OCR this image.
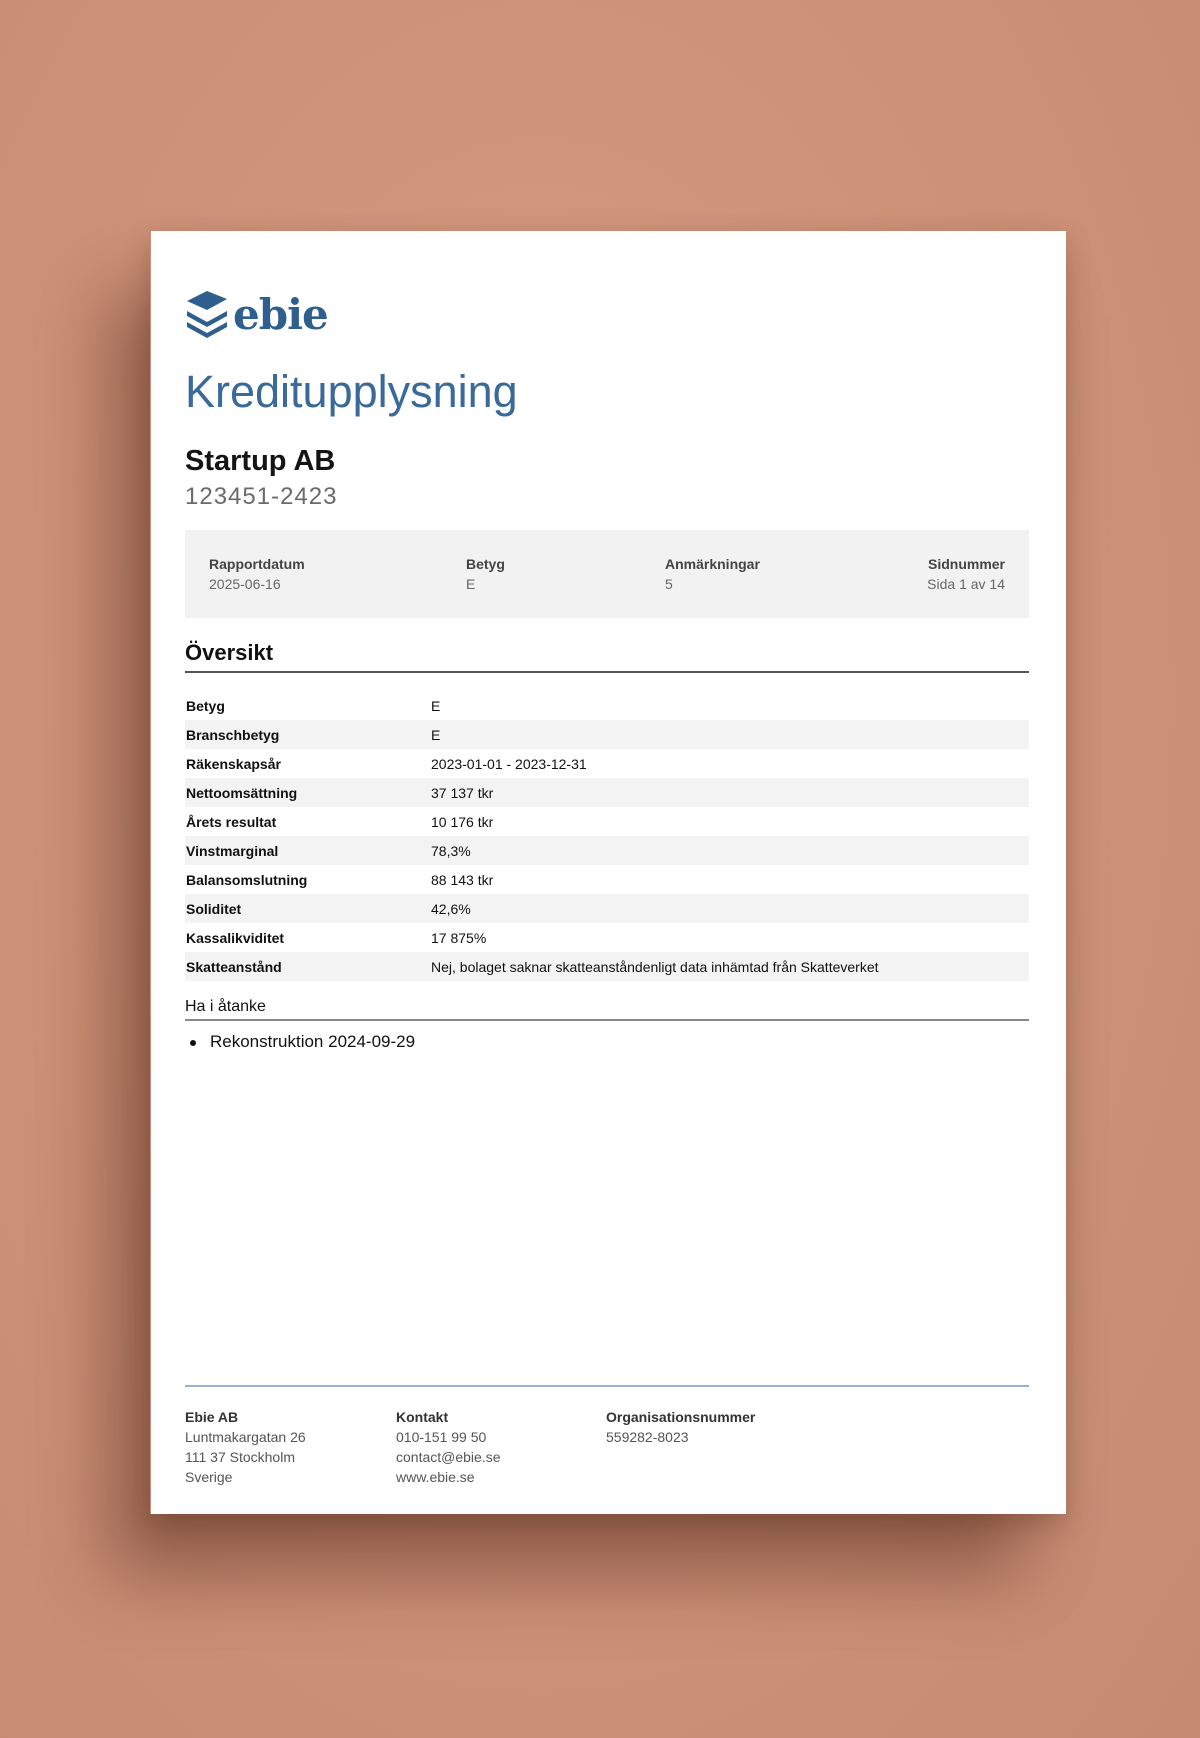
ebie
Kreditupplysning
Startup AB
123451-2423
Rapportdatum
2025-06-16
Betyg
E
Anmärkningar
5
Sidnummer
Sida 1 av 14
Översikt
Betyg	E
Branschbetyg	E
Räkenskapsår	2023-01-01 - 2023-12-31
Nettoomsättning	37 137 tkr
Årets resultat	10 176 tkr
Vinstmarginal	78,3%
Balansomslutning	88 143 tkr
Soliditet	42,6%
Kassalikviditet	17 875%
Skatteanstånd	Nej, bolaget saknar skatteanståndenligt data inhämtad från Skatteverket
Ha i åtanke
Rekonstruktion 2024-09-29
Ebie AB
Luntmakargatan 26
111 37 Stockholm
Sverige
Kontakt
010-151 99 50
contact@ebie.se
www.ebie.se
Organisationsnummer
559282-8023
